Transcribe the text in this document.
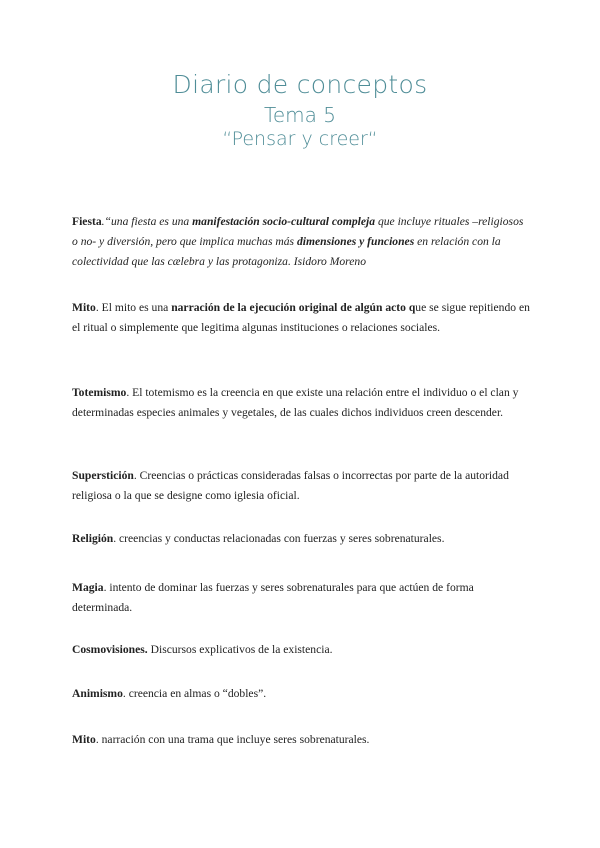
Diario de conceptos
Tema 5
“Pensar y creer“

Fiesta.“una fiesta es una manifestación socio-cultural compleja que incluye rituales –religiosos o no- y diversión, pero que implica muchas más dimensiones y funciones en relación con la colectividad que las cælebra y las protagoniza. Isidoro Moreno

Mito. El mito es una narración de la ejecución original de algún acto que se sigue repitiendo en el ritual o simplemente que legitima algunas instituciones o relaciones sociales.

Totemismo. El totemismo es la creencia en que existe una relación entre el individuo o el clan y determinadas especies animales y vegetales, de las cuales dichos individuos creen descender.

Superstición. Creencias o prácticas consideradas falsas o incorrectas por parte de la autoridad religiosa o la que se designe como iglesia oficial.

Religión. creencias y conductas relacionadas con fuerzas y seres sobrenaturales.

Magia. intento de dominar las fuerzas y seres sobrenaturales para que actúen de forma determinada.

Cosmovisiones. Discursos explicativos de la existencia.

Animismo. creencia en almas o “dobles”.

Mito. narración con una trama que incluye seres sobrenaturales.
